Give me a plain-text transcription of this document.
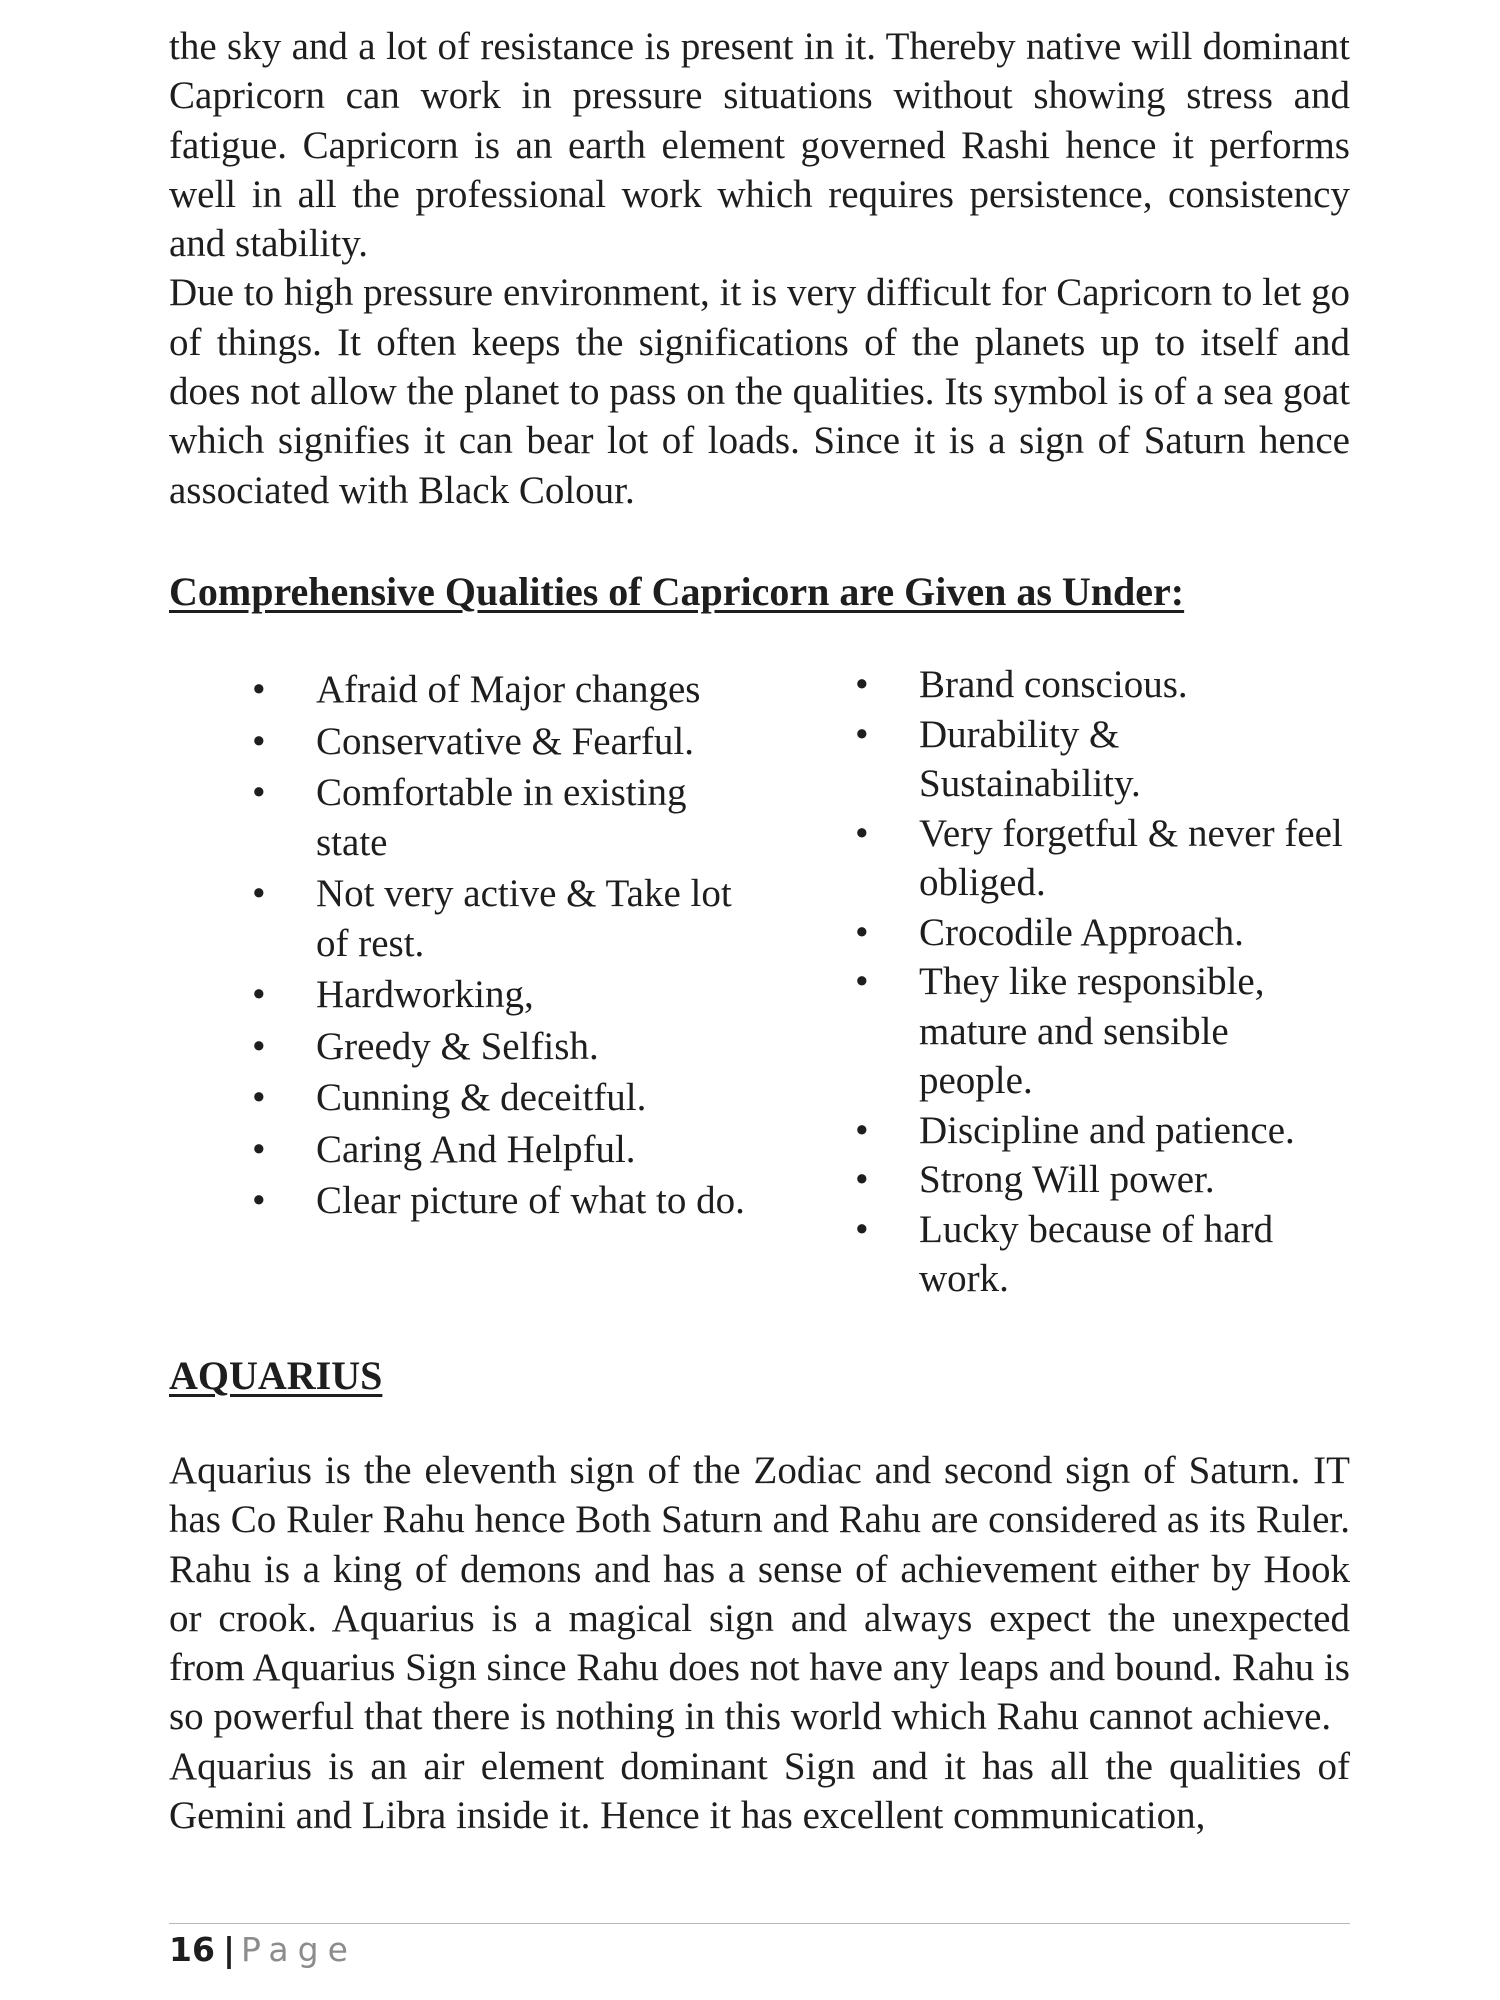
the sky and a lot of resistance is present in it. Thereby native will dominant Capricorn can work in pressure situations without showing stress and fatigue. Capricorn is an earth element governed Rashi hence it performs well in all the professional work which requires persistence, consistency and stability.

Due to high pressure environment, it is very difficult for Capricorn to let go of things. It often keeps the significations of the planets up to itself and does not allow the planet to pass on the qualities. Its symbol is of a sea goat which signifies it can bear lot of loads. Since it is a sign of Saturn hence associated with Black Colour.

Comprehensive Qualities of Capricorn are Given as Under:
• Afraid of Major changes
• Conservative & Fearful.
• Comfortable in existing state
• Not very active & Take lot of rest.
• Hardworking,
• Greedy & Selfish.
• Cunning & deceitful.
• Caring And Helpful.
• Clear picture of what to do.
• Brand conscious.
• Durability & Sustainability.
• Very forgetful & never feel obliged.
• Crocodile Approach.
• They like responsible, mature and sensible people.
• Discipline and patience.
• Strong Will power.
• Lucky because of hard work.
AQUARIUS

Aquarius is the eleventh sign of the Zodiac and second sign of Saturn. IT has Co Ruler Rahu hence Both Saturn and Rahu are considered as its Ruler. Rahu is a king of demons and has a sense of achievement either by Hook or crook. Aquarius is a magical sign and always expect the unexpected from Aquarius Sign since Rahu does not have any leaps and bound. Rahu is so powerful that there is nothing in this world which Rahu cannot achieve.

Aquarius is an air element dominant Sign and it has all the qualities of Gemini and Libra inside it. Hence it has excellent communication,

16 | Page
